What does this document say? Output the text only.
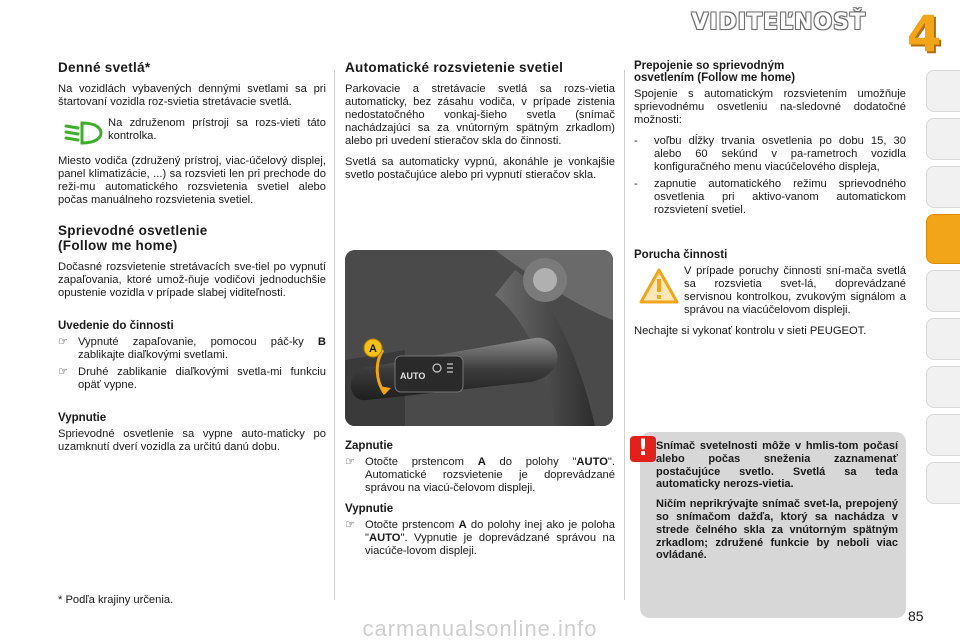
VIDITEĽNOSŤ 4
Denné svetlá*

Na vozidlách vybavených dennými svetlami sa pri štartovaní vozidla roz-svietia stretávacie svetlá.

Na združenom prístroji sa rozs-vieti táto kontrolka.

Miesto vodiča (združený prístroj, viac-účelový displej, panel klimatizácie, ...) sa rozsvieti len pri prechode do reži-mu automatického rozsvietenia svetiel alebo počas manuálneho rozsvietenia svetiel.

Sprievodné osvetlenie
(Follow me home)

Dočasné rozsvietenie stretávacích sve-tiel po vypnutí zapaľovania, ktoré umož-ňuje vodičovi jednoduchšie opustenie vozidla v prípade slabej viditeľnosti.

Uvedenie do činnosti
☞ Vypnuté zapaľovanie, pomocou páč-ky B zablikajte diaľkovými svetlami.
☞ Druhé zablikanie diaľkovými svetla-mi funkciu opäť vypne.
Vypnutie

Sprievodné osvetlenie sa vypne auto-maticky po uzamknutí dverí vozidla za určitú danú dobu.

Automatické rozsvietenie svetiel

Parkovacie a stretávacie svetlá sa rozs-vietia automaticky, bez zásahu vodiča, v prípade zistenia nedostatočného vonkaj-šieho svetla (snímač nachádzajúci sa za vnútorným spätným zrkadlom) alebo pri uvedení stieračov skla do činnosti.

Svetlá sa automaticky vypnú, akonáhle je vonkajšie svetlo postačujúce alebo pri vypnutí stieračov skla.

AUTO
A
Zapnutie
☞ Otočte prstencom A do polohy "AUTO". Automatické rozsvietenie je doprevádzané správou na viacú-čelovom displeji.
Vypnutie
☞ Otočte prstencom A do polohy inej ako je poloha "AUTO". Vypnutie je doprevádzané správou na viacúče-lovom displeji.
Prepojenie so sprievodným
osvetlením (Follow me home)

Spojenie s automatickým rozsvietením umožňuje sprievodnému osvetleniu na-sledovné dodatočné možnosti:

-	voľbu dĺžky trvania osvetlenia po dobu 15, 30 alebo 60 sekúnd v pa-rametroch vozidla konfiguračného menu viacúčelového displeja,
-	zapnutie automatického režimu sprievodného osvetlenia pri aktivo-vanom automatickom rozsvietení svetiel.
Porucha činnosti

V prípade poruchy činnosti sní-mača svetlá sa rozsvietia svet-lá, doprevádzané servisnou kontrolkou, zvukovým signálom a správou na viacúčelovom displeji.

Nechajte si vykonať kontrolu v sieti PEUGEOT.

! Snímač svetelnosti môže v hmlis-tom počasí alebo počas sneženia zaznamenať postačujúce svetlo. Svetlá sa teda automaticky nerozs-vietia.

Ničím neprikrývajte snímač svet-la, prepojený so snímačom dažďa, ktorý sa nachádza v strede čelného skla za vnútorným spätným zrkadlom; združené funkcie by neboli viac ovládané.

* Podľa krajiny určenia.
85
carmanualsonline.info
